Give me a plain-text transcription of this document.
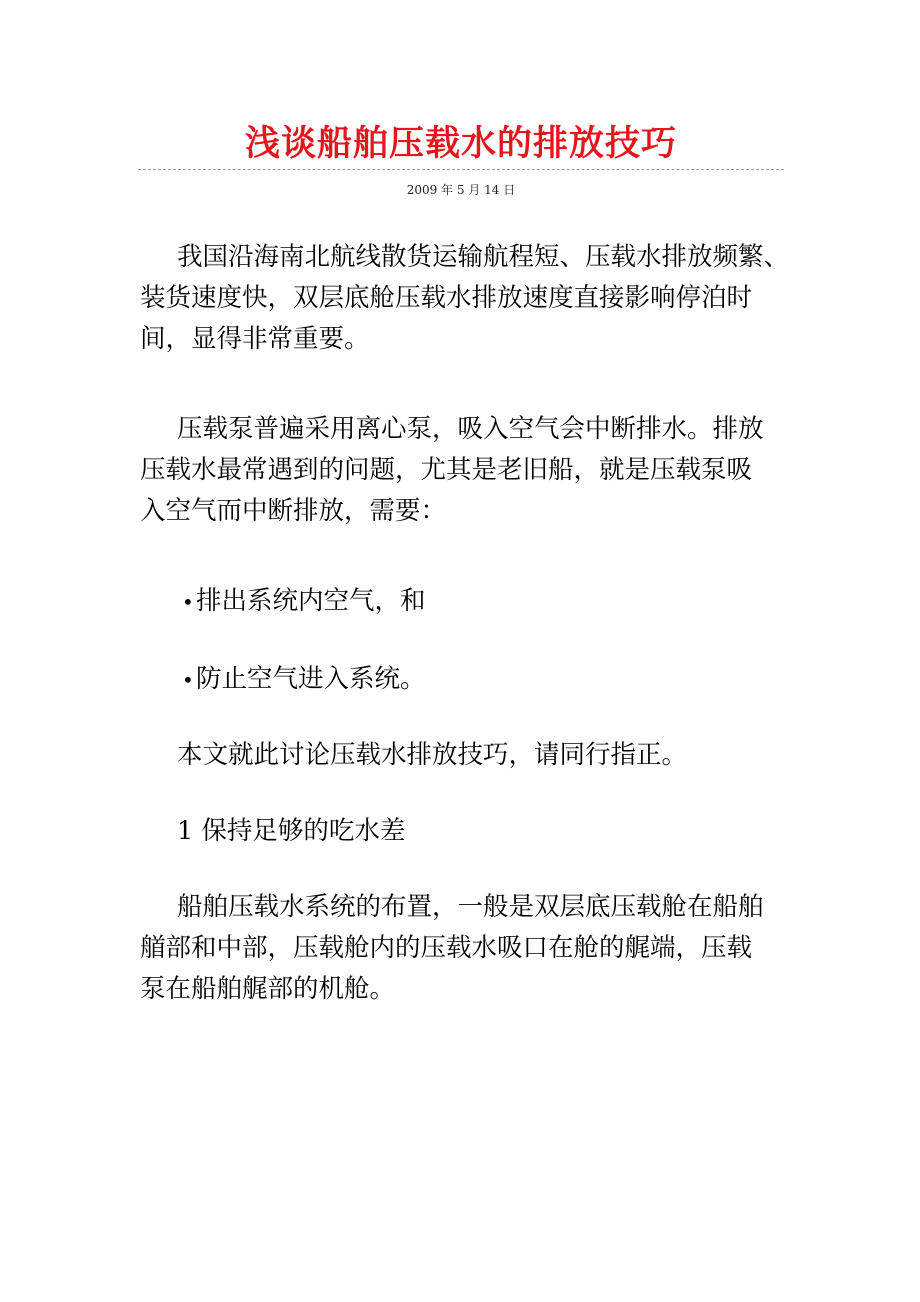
浅谈船舶压载水的排放技巧
2009 年 5 月 14 日
我国沿海南北航线散货运输航程短、压载水排放频繁、
装货速度快，双层底舱压载水排放速度直接影响停泊时
间，显得非常重要。
压载泵普遍采用离心泵，吸入空气会中断排水。排放
压载水最常遇到的问题，尤其是老旧船，就是压载泵吸
入空气而中断排放，需要：
•排出系统内空气，和
•防止空气进入系统。
本文就此讨论压载水排放技巧，请同行指正。
1 保持足够的吃水差
船舶压载水系统的布置，一般是双层底压载舱在船舶
艏部和中部，压载舱内的压载水吸口在舱的艉端，压载
泵在船舶艉部的机舱。
